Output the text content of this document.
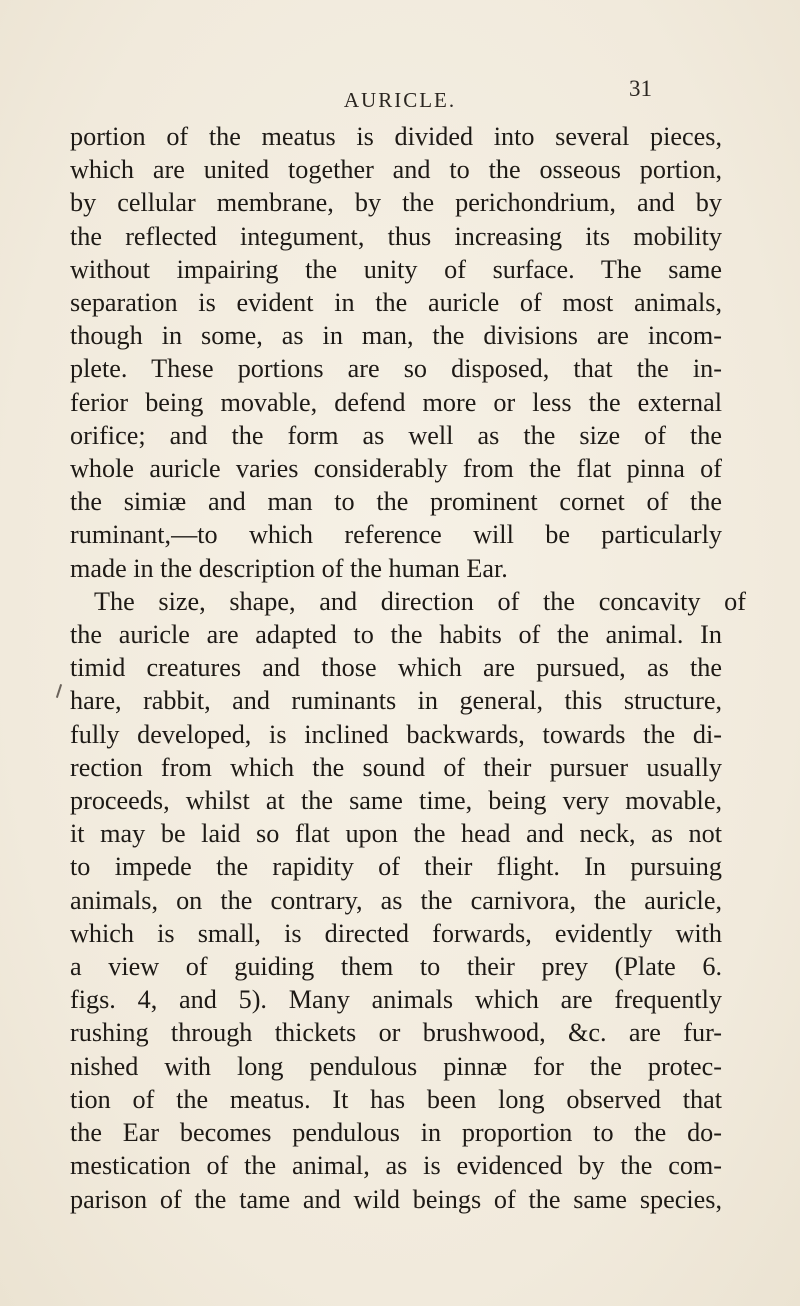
AURICLE.	31
portion of the meatus is divided into several pieces,
which are united together and to the osseous portion,
by cellular membrane, by the perichondrium, and by
the reflected integument, thus increasing its mobility
without impairing the unity of surface. The same
separation is evident in the auricle of most animals,
though in some, as in man, the divisions are incom-
plete. These portions are so disposed, that the in-
ferior being movable, defend more or less the external
orifice; and the form as well as the size of the
whole auricle varies considerably from the flat pinna of
the simiæ and man to the prominent cornet of the
ruminant,—to which reference will be particularly
made in the description of the human Ear.
The size, shape, and direction of the concavity of
the auricle are adapted to the habits of the animal. In
timid creatures and those which are pursued, as the
hare, rabbit, and ruminants in general, this structure,
fully developed, is inclined backwards, towards the di-
rection from which the sound of their pursuer usually
proceeds, whilst at the same time, being very movable,
it may be laid so flat upon the head and neck, as not
to impede the rapidity of their flight. In pursuing
animals, on the contrary, as the carnivora, the auricle,
which is small, is directed forwards, evidently with
a view of guiding them to their prey (Plate 6.
figs. 4, and 5). Many animals which are frequently
rushing through thickets or brushwood, &c. are fur-
nished with long pendulous pinnæ for the protec-
tion of the meatus. It has been long observed that
the Ear becomes pendulous in proportion to the do-
mestication of the animal, as is evidenced by the com-
parison of the tame and wild beings of the same species,
